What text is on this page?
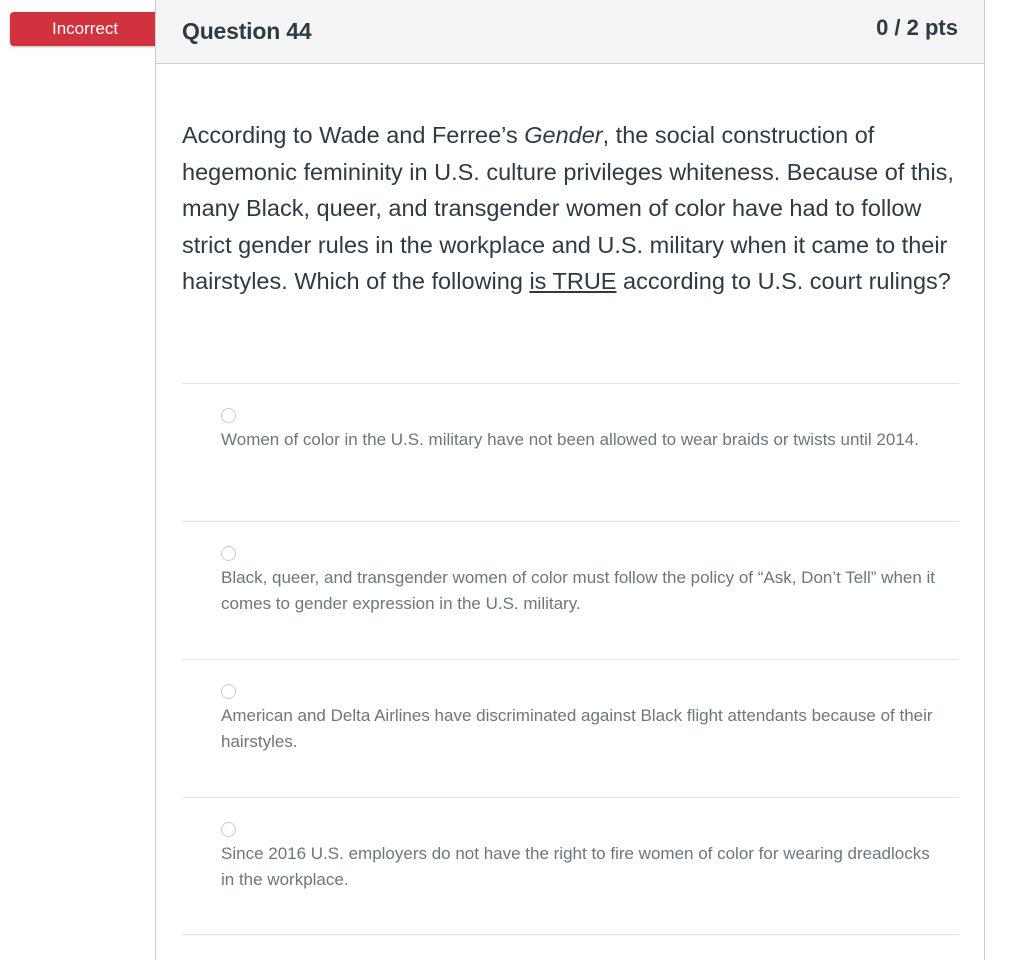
Incorrect	Question 44	0 / 2 pts
According to Wade and Ferree’s Gender, the social construction of hegemonic femininity in U.S. culture privileges whiteness. Because of this, many Black, queer, and transgender women of color have had to follow strict gender rules in the workplace and U.S. military when it came to their hairstyles. Which of the following is TRUE according to U.S. court rulings?
Women of color in the U.S. military have not been allowed to wear braids or twists until 2014.
Black, queer, and transgender women of color must follow the policy of “Ask, Don’t Tell” when it comes to gender expression in the U.S. military.
American and Delta Airlines have discriminated against Black flight attendants because of their hairstyles.
Since 2016 U.S. employers do not have the right to fire women of color for wearing dreadlocks in the workplace.
